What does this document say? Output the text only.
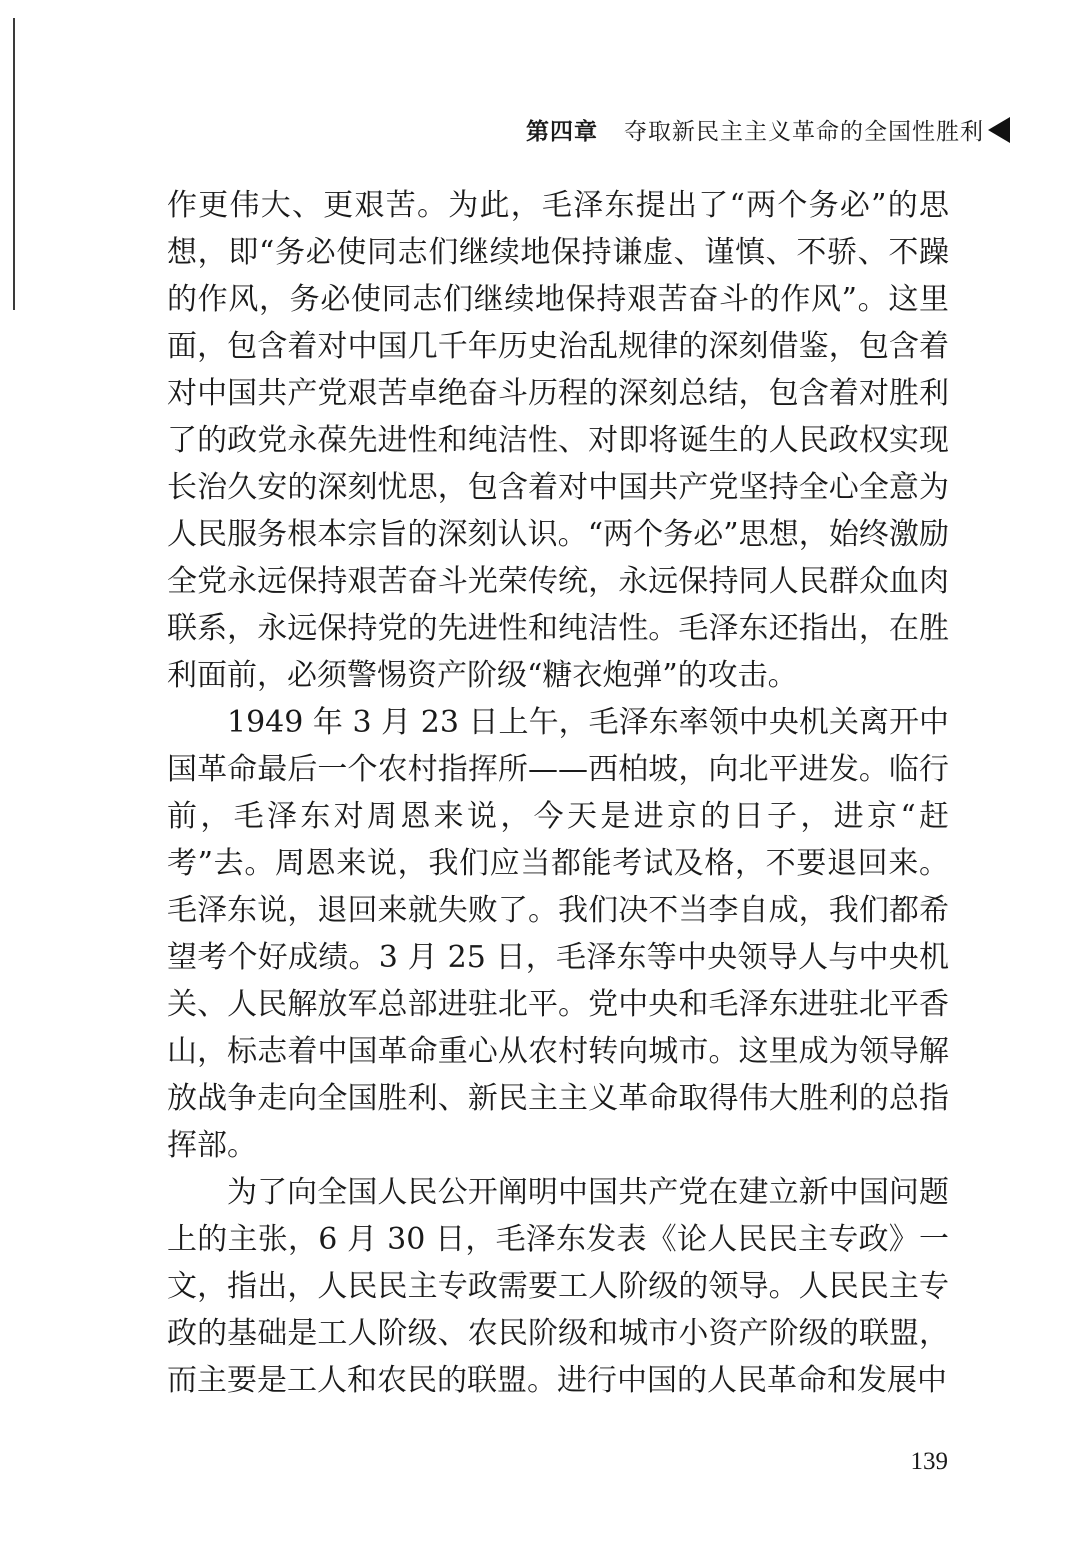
第四章 夺取新民主主义革命的全国性胜利

作更伟大、更艰苦。为此，毛泽东提出了“两个务必”的思想，即“务必使同志们继续地保持谦虚、谨慎、不骄、不躁的作风，务必使同志们继续地保持艰苦奋斗的作风”。这里面，包含着对中国几千年历史治乱规律的深刻借鉴，包含着对中国共产党艰苦卓绝奋斗历程的深刻总结，包含着对胜利了的政党永葆先进性和纯洁性、对即将诞生的人民政权实现长治久安的深刻忧思，包含着对中国共产党坚持全心全意为人民服务根本宗旨的深刻认识。“两个务必”思想，始终激励全党永远保持艰苦奋斗光荣传统，永远保持同人民群众血肉联系，永远保持党的先进性和纯洁性。毛泽东还指出，在胜利面前，必须警惕资产阶级“糖衣炮弹”的攻击。

1949 年 3 月 23 日上午，毛泽东率领中央机关离开中国革命最后一个农村指挥所——西柏坡，向北平进发。临行前，毛泽东对周恩来说，今天是进京的日子，进京“赶考”去。周恩来说，我们应当都能考试及格，不要退回来。毛泽东说，退回来就失败了。我们决不当李自成，我们都希望考个好成绩。3 月 25 日，毛泽东等中央领导人与中央机关、人民解放军总部进驻北平。党中央和毛泽东进驻北平香山，标志着中国革命重心从农村转向城市。这里成为领导解放战争走向全国胜利、新民主主义革命取得伟大胜利的总指挥部。

为了向全国人民公开阐明中国共产党在建立新中国问题上的主张，6 月 30 日，毛泽东发表《论人民民主专政》一文，指出，人民民主专政需要工人阶级的领导。人民民主专政的基础是工人阶级、农民阶级和城市小资产阶级的联盟，而主要是工人和农民的联盟。进行中国的人民革命和发展中

139
